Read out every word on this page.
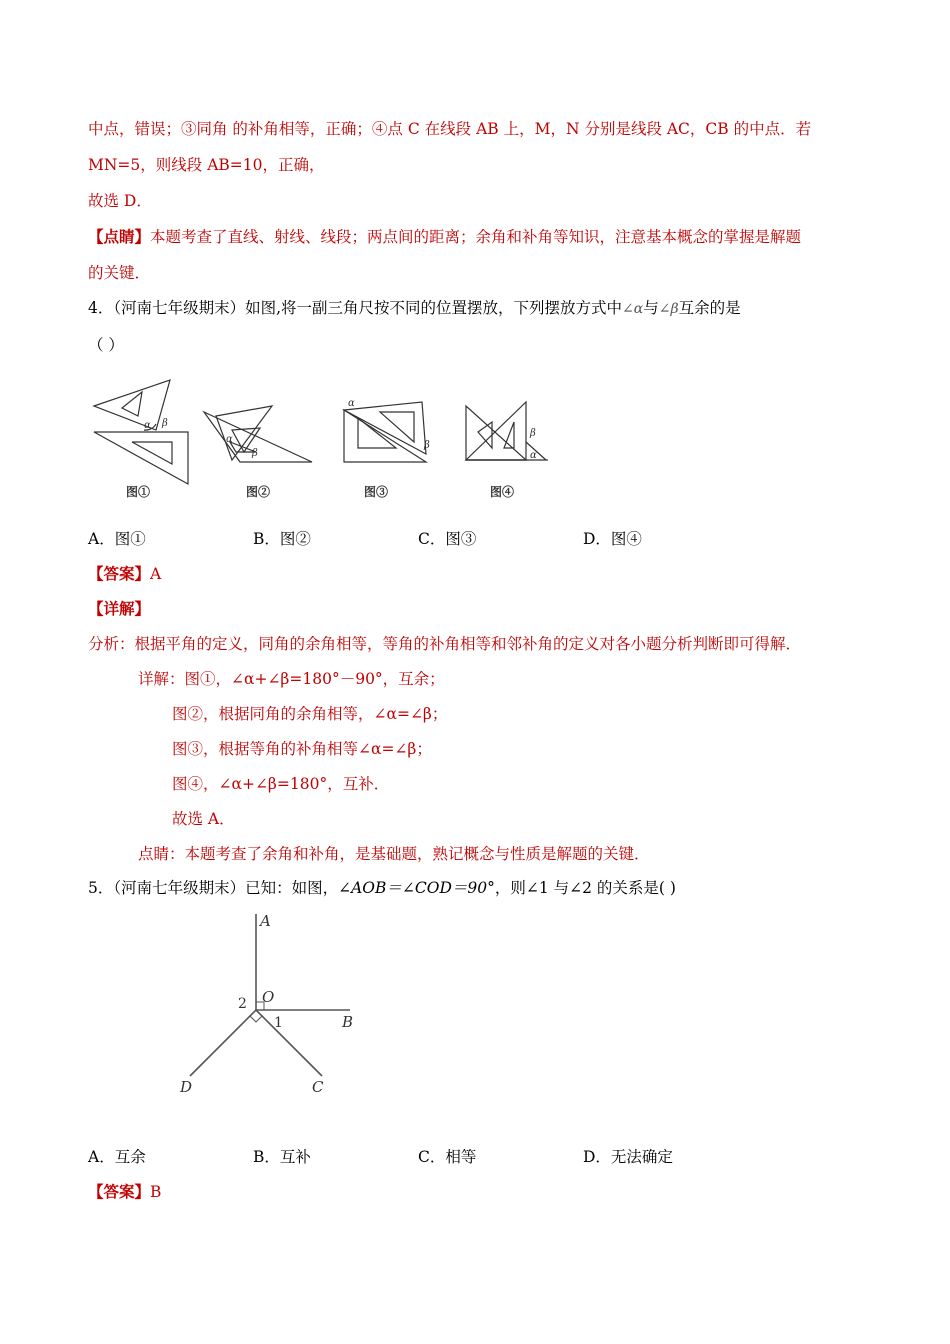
中点，错误；③同角 的补角相等，正确；④点 C 在线段 AB 上，M，N 分别是线段 AC，CB 的中点．若
MN=5，则线段 AB=10，正确，
故选 D．
【点睛】本题考查了直线、射线、线段；两点间的距离；余角和补角等知识，注意基本概念的掌握是解题
的关键．
4．（河南七年级期末）如图,将一副三角尺按不同的位置摆放，下列摆放方式中∠α与∠β互余的是
（ ）
α β
α
β
α
β
β
α
图①	图②	图③	图④
A．图①	B．图②	C．图③	D．图④
【答案】A
【详解】
分析：根据平角的定义，同角的余角相等，等角的补角相等和邻补角的定义对各小题分析判断即可得解．
详解：图①，∠α+∠β=180°－90°，互余；
图②，根据同角的余角相等，∠α=∠β；
图③，根据等角的补角相等∠α=∠β；
图④，∠α+∠β=180°，互补．
故选 A．
点睛：本题考查了余角和补角，是基础题，熟记概念与性质是解题的关键．
5．（河南七年级期末）已知：如图，∠AOB＝∠COD＝90°，则∠1 与∠2 的关系是( )
A
B
C
D
O
1
2
A．互余	B．互补	C．相等	D．无法确定
【答案】B
